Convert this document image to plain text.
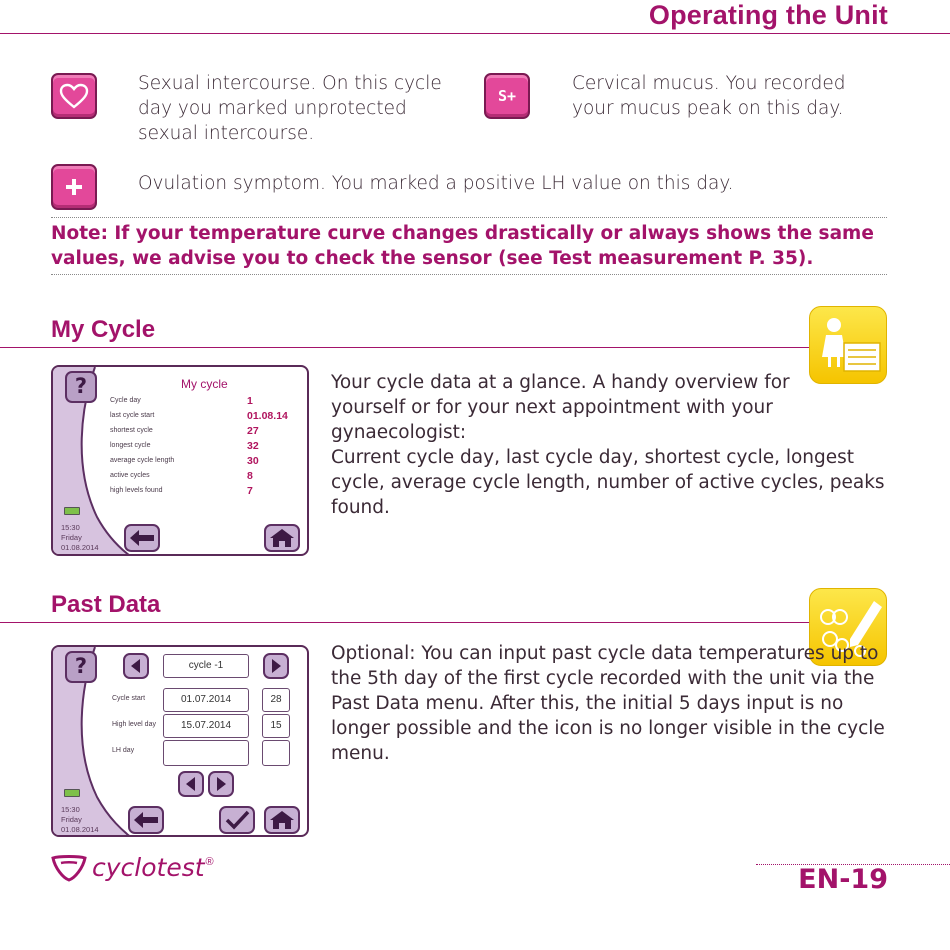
Operating the Unit
Sexual intercourse. On this cycle day you marked unprotected sexual intercourse.
S+
Cervical mucus. You recorded your mucus peak on this day.
Ovulation symptom. You marked a positive LH value on this day.
Note: If your temperature curve changes drastically or always shows the same values, we advise you to check the sensor (see Test measurement P. 35).
My Cycle
?	My cycle
Cycle day	1
last cycle start	01.08.14
shortest cycle	27
longest cycle	32
average cycle length	30
active cycles	8
high levels found	7
15:30
Friday
01.08.2014
Your cycle data at a glance. A handy overview for yourself or for your next appointment with your gynaecologist:
Current cycle day, last cycle day, shortest cycle, longest cycle, average cycle length, number of active cycles, peaks found.
Past Data
?	cycle -1
Cycle start	01.07.2014	28
High level day	15.07.2014	15
LH day
15:30
Friday
01.08.2014
Optional: You can input past cycle data temperatures up to the 5th day of the first cycle recorded with the unit via the Past Data menu. After this, the initial 5 days input is no longer possible and the icon is no longer visible in the cycle menu.
cyclotest ®
EN-19
